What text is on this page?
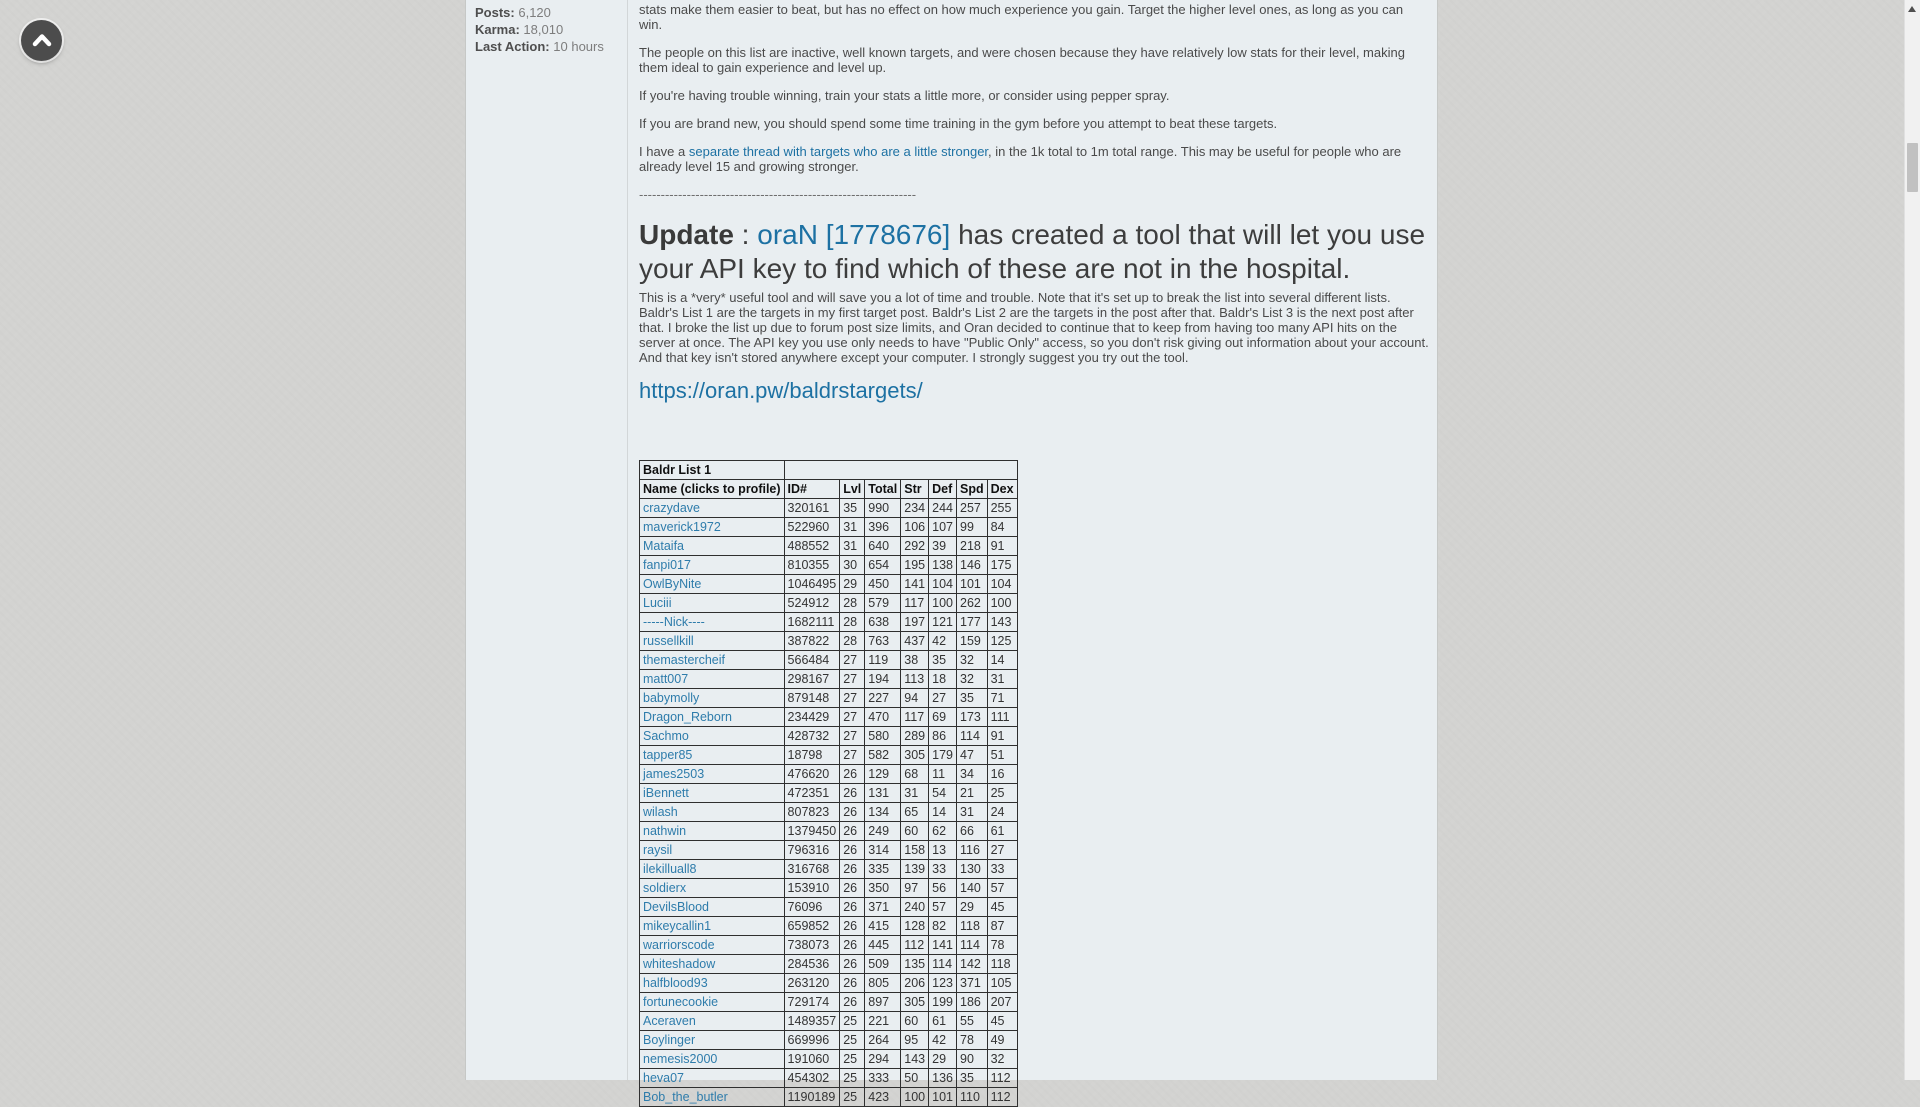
Posts: 6,120
Karma: 18,010
Last Action: 10 hours

stats make them easier to beat, but has no effect on how much experience you gain. Target the higher level ones, as long as you can win.

The people on this list are inactive, well known targets, and were chosen because they have relatively low stats for their level, making them ideal to gain experience and level up.

If you're having trouble winning, train your stats a little more, or consider using pepper spray.

If you are brand new, you should spend some time training in the gym before you attempt to beat these targets.

I have a separate thread with targets who are a little stronger, in the 1k total to 1m total range. This may be useful for people who are already level 15 and growing stronger.

----------------------------------------------------------------

Update : oraN [1778676] has created a tool that will let you use your API key to find which of these are not in the hospital.

This is a *very* useful tool and will save you a lot of time and trouble. Note that it's set up to break the list into several different lists. Baldr's List 1 are the targets in my first target post. Baldr's List 2 are the targets in the post after that. Baldr's List 3 is the next post after that. I broke the list up due to forum post size limits, and Oran decided to continue that to keep from having too many API hits on the server at once. The API key you use only needs to have "Public Only" access, so you don't risk giving out information about your account. And that key isn't stored anywhere except your computer. I strongly suggest you try out the tool.

https://oran.pw/baldrstargets/

Baldr List 1							
Name (clicks to profile)	ID#	Lvl	Total	Str	Def	Spd	Dex
crazydave	320161	35	990	234	244	257	255
maverick1972	522960	31	396	106	107	99	84
Mataifa	488552	31	640	292	39	218	91
fanpi017	810355	30	654	195	138	146	175
OwlByNite	1046495	29	450	141	104	101	104
Luciii	524912	28	579	117	100	262	100
-----Nick----	1682111	28	638	197	121	177	143
russellkill	387822	28	763	437	42	159	125
themastercheif	566484	27	119	38	35	32	14
matt007	298167	27	194	113	18	32	31
babymolly	879148	27	227	94	27	35	71
Dragon_Reborn	234429	27	470	117	69	173	111
Sachmo	428732	27	580	289	86	114	91
tapper85	18798	27	582	305	179	47	51
james2503	476620	26	129	68	11	34	16
iBennett	472351	26	131	31	54	21	25
wilash	807823	26	134	65	14	31	24
nathwin	1379450	26	249	60	62	66	61
raysil	796316	26	314	158	13	116	27
ilekilluall8	316768	26	335	139	33	130	33
soldierx	153910	26	350	97	56	140	57
DevilsBlood	76096	26	371	240	57	29	45
mikeycallin1	659852	26	415	128	82	118	87
warriorscode	738073	26	445	112	141	114	78
whiteshadow	284536	26	509	135	114	142	118
halfblood93	263120	26	805	206	123	371	105
fortunecookie	729174	26	897	305	199	186	207
Aceraven	1489357	25	221	60	61	55	45
Boylinger	669996	25	264	95	42	78	49
nemesis2000	191060	25	294	143	29	90	32
heva07	454302	25	333	50	136	35	112
Bob_the_butler	1190189	25	423	100	101	110	112
